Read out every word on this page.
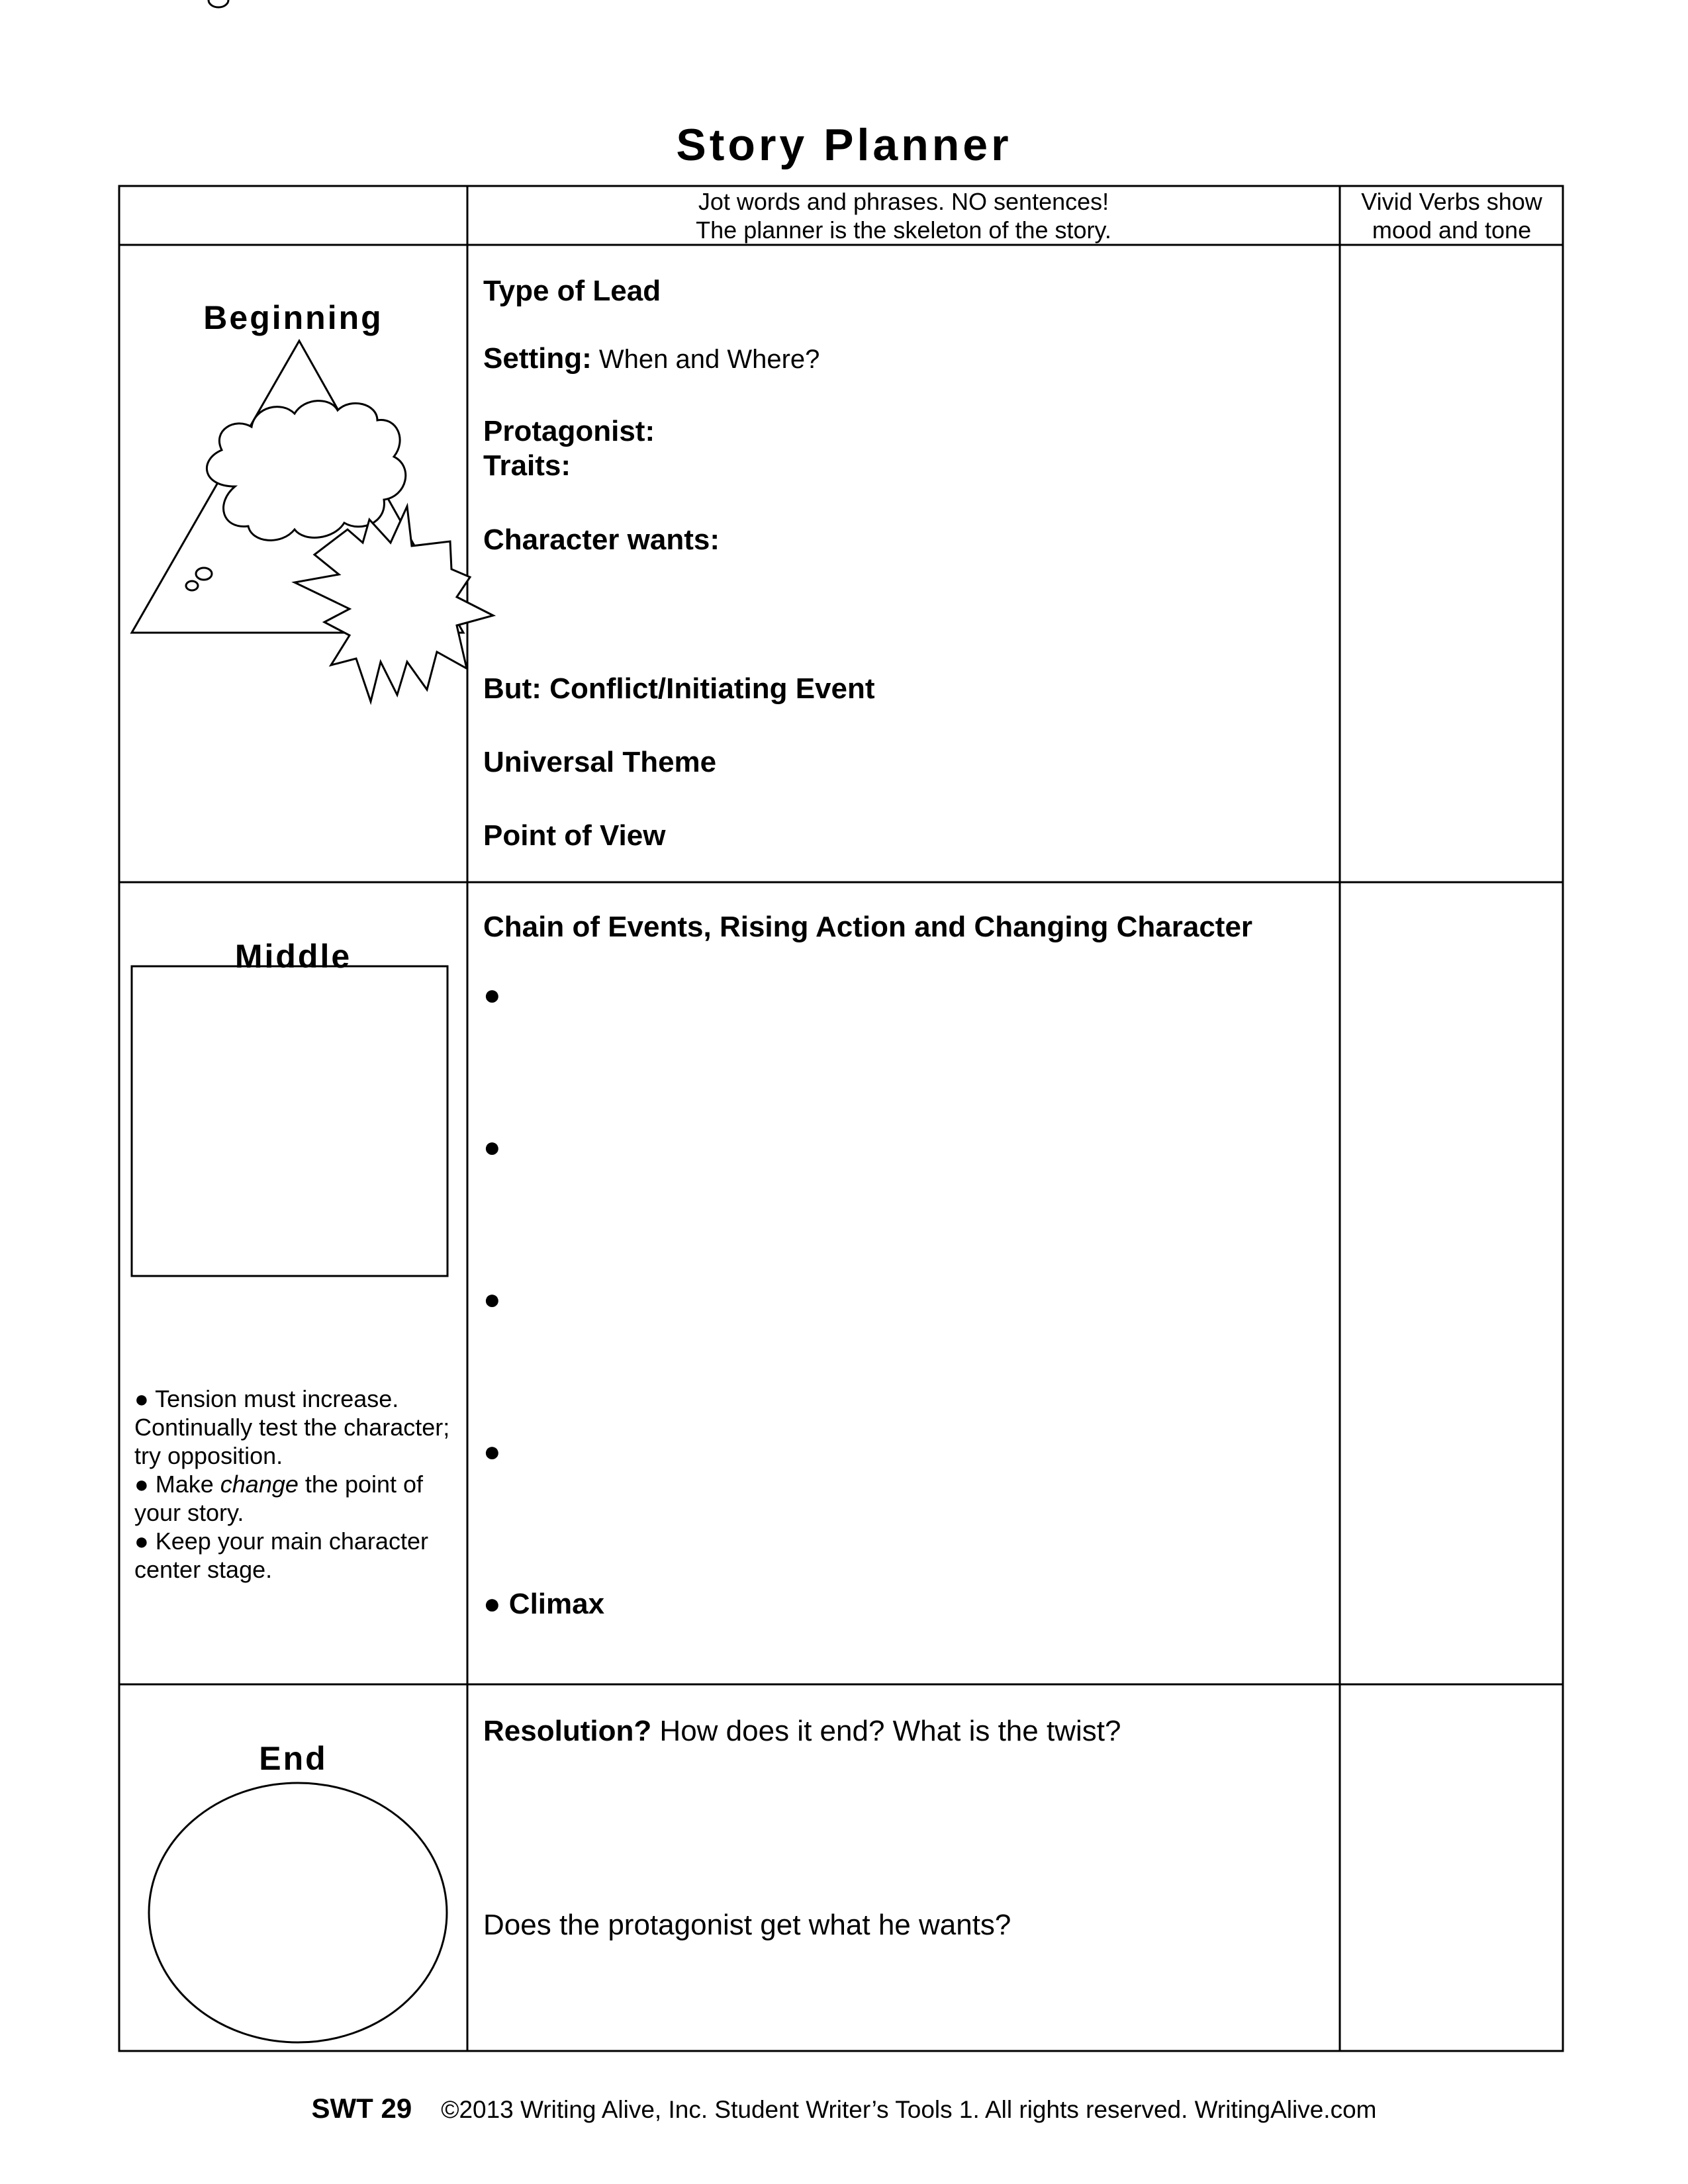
Story Planner
Jot words and phrases. NO sentences!
The planner is the skeleton of the story.
Vivid Verbs show
mood and tone
Beginning
Type of Lead
Setting: When and Where?
Protagonist:
Traits:
Character wants:
But: Conflict/Initiating Event
Universal Theme
Point of View
Middle
Chain of Events, Rising Action and Changing Character
●
●
●
●
● Climax
● Tension must increase. Continually test the character; try opposition.
● Make change the point of your story.
● Keep your main character center stage.
End
Resolution? How does it end? What is the twist?
Does the protagonist get what he wants?
SWT 29 ©2013 Writing Alive, Inc. Student Writer’s Tools 1. All rights reserved. WritingAlive.com
